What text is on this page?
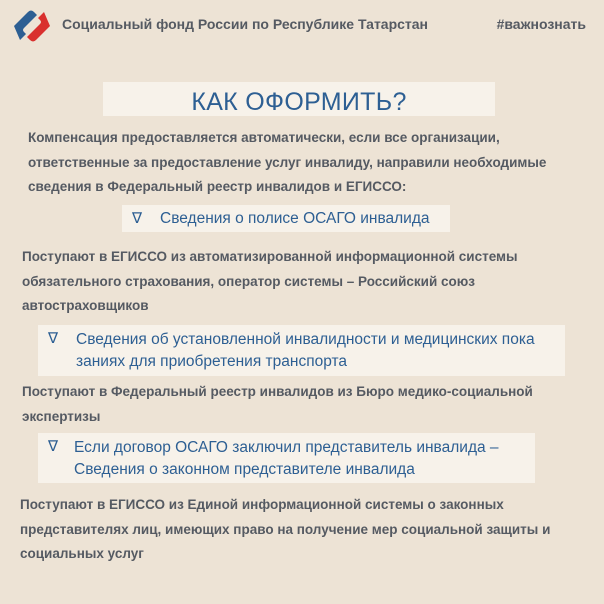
Социальный фонд России по Республике Татарстан	#важнознать
КАК ОФОРМИТЬ?
Компенсация предоставляется автоматически, если все организации,
ответственные за предоставление услуг инвалиду, направили необходимые
сведения в Федеральный реестр инвалидов и ЕГИССО:
∇ Сведения о полисе ОСАГО инвалида
Поступают в ЕГИССО из автоматизированной информационной системы
обязательного страхования, оператор системы – Российский союз
автостраховщиков
∇ Сведения об установленной инвалидности и медицинских пока
заниях для приобретения транспорта
Поступают в Федеральный реестр инвалидов из Бюро медико-социальной
экспертизы
∇ Если договор ОСАГО заключил представитель инвалида –
Сведения о законном представителе инвалида
Поступают в ЕГИССО из Единой информационной системы о законных
представителях лиц, имеющих право на получение мер социальной защиты и
социальных услуг
